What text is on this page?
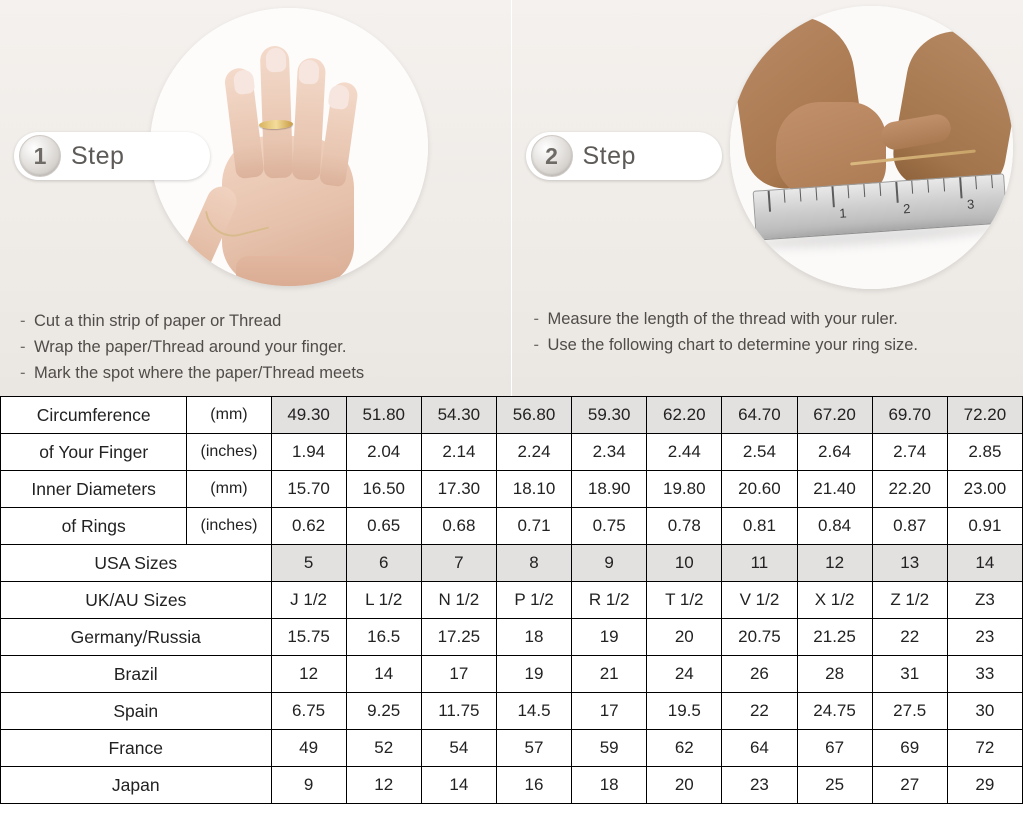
1 Step
- Cut a thin strip of paper or Thread
- Wrap the paper/Thread around your finger.
- Mark the spot where the paper/Thread meets
1	2	3
2 Step
- Measure the length of the thread with your ruler.
- Use the following chart to determine your ring size.
Circumference	(mm)	49.30	51.80	54.30	56.80	59.30	62.20	64.70	67.20	69.70	72.20
of Your Finger	(inches)	1.94	2.04	2.14	2.24	2.34	2.44	2.54	2.64	2.74	2.85
Inner Diameters	(mm)	15.70	16.50	17.30	18.10	18.90	19.80	20.60	21.40	22.20	23.00
of Rings	(inches)	0.62	0.65	0.68	0.71	0.75	0.78	0.81	0.84	0.87	0.91
USA Sizes		5	6	7	8	9	10	11	12	13	14
UK/AU Sizes		J 1/2	L 1/2	N 1/2	P 1/2	R 1/2	T 1/2	V 1/2	X 1/2	Z 1/2	Z3
Germany/Russia		15.75	16.5	17.25	18	19	20	20.75	21.25	22	23
Brazil		12	14	17	19	21	24	26	28	31	33
Spain		6.75	9.25	11.75	14.5	17	19.5	22	24.75	27.5	30
France		49	52	54	57	59	62	64	67	69	72
Japan		9	12	14	16	18	20	23	25	27	29
